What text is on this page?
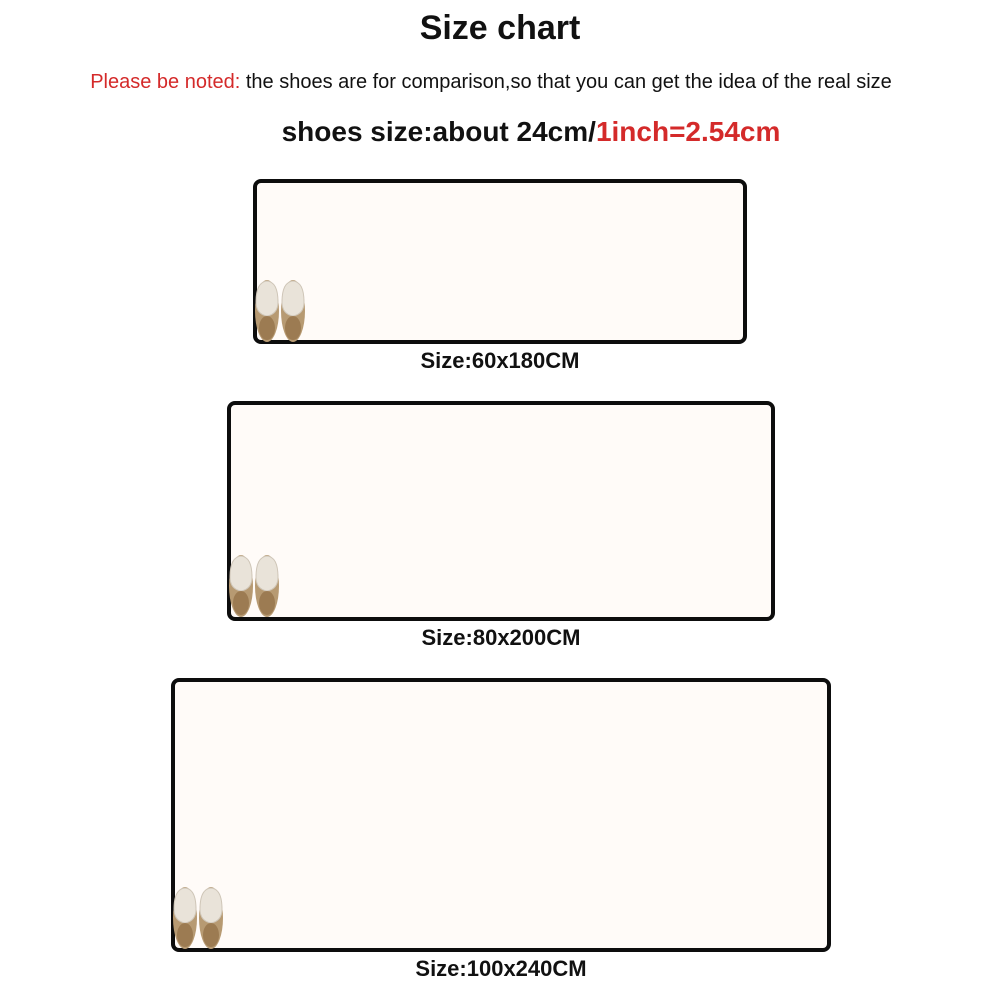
Size chart
Please be noted: the shoes are for comparison,so that you can get the idea of the real size
shoes size:about 24cm/1inch=2.54cm
Size:60x180CM
Size:80x200CM
Size:100x240CM
